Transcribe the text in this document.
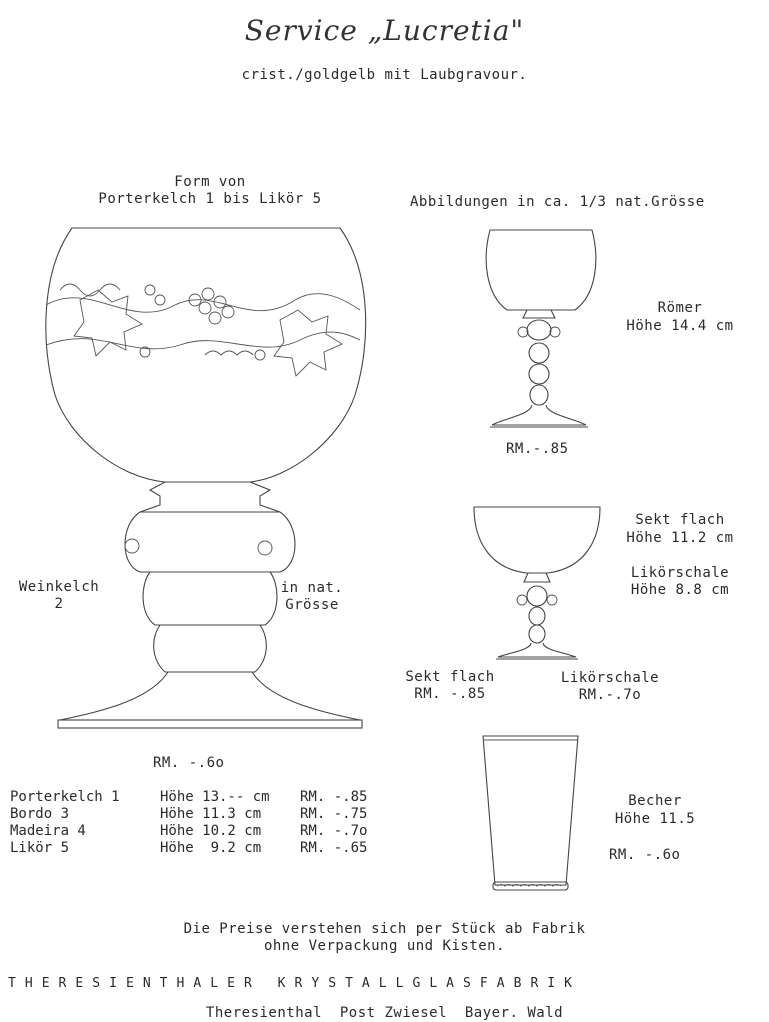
Service „Lucretia"
crist./goldgelb mit Laubgravour.
Form von
Porterkelch 1 bis Likör 5	Abbildungen in ca. 1/3 nat.Grösse
Weinkelch
2
in nat.
Grösse
RM. -.6o
Römer
Höhe 14.4 cm
RM.-.85
Sekt flach
Höhe 11.2 cm
Likörschale
Höhe 8.8 cm
Sekt flach
RM. -.85
Likörschale
RM.-.7o
Becher
Höhe 11.5
RM. -.6o
Porterkelch 1	Höhe 13.-- cm RM. -.85
Bordo 3	Höhe 11.3 cm	RM. -.75
Madeira 4	Höhe 10.2 cm	RM. -.7o
Likör 5	Höhe  9.2 cm	RM. -.65
Die Preise verstehen sich per Stück ab Fabrik
ohne Verpackung und Kisten.
T H E R E S I E N T H A L E R   K R Y S T A L L G L A S F A B R I K
Theresienthal  Post Zwiesel  Bayer. Wald
